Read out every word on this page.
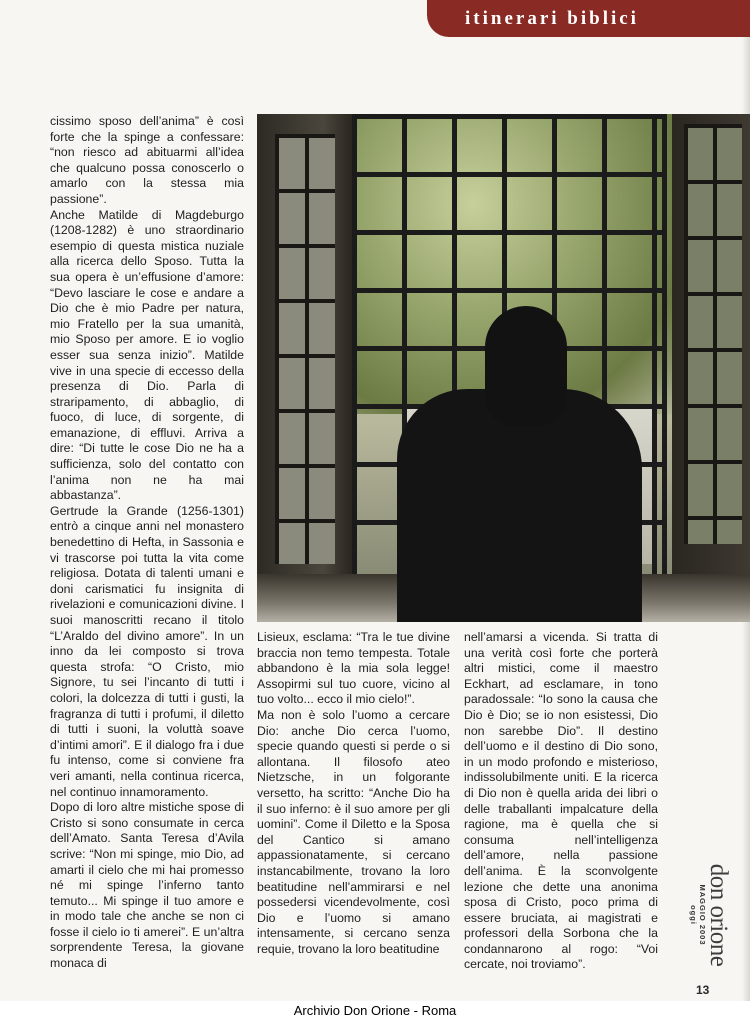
itinerari biblici

cissimo sposo dell’anima” è così forte che la spinge a confessare: “non riesco ad abituarmi all’idea che qualcuno possa conoscerlo o amarlo con la stessa mia passione”.

Anche Matilde di Magdeburgo (1208-1282) è uno straordinario esempio di questa mistica nuziale alla ricerca dello Sposo. Tutta la sua opera è un’effusione d’amore: “Devo lasciare le cose e andare a Dio che è mio Padre per natura, mio Fratello per la sua umanità, mio Sposo per amore. E io voglio esser sua senza inizio”. Matilde vive in una specie di eccesso della presenza di Dio. Parla di straripamento, di abbaglio, di fuoco, di luce, di sorgente, di emanazione, di effluvi. Arriva a dire: “Di tutte le cose Dio ne ha a sufficienza, solo del contatto con l’anima non ne ha mai abbastanza”.

Gertrude la Grande (1256-1301) entrò a cinque anni nel monastero benedettino di Hefta, in Sassonia e vi trascorse poi tutta la vita come religiosa. Dotata di talenti umani e doni carismatici fu insignita di rivelazioni e comunicazioni divine. I suoi manoscritti recano il titolo “L’Araldo del divino amore”. In un inno da lei composto si trova questa strofa: “O Cristo, mio Signore, tu sei l’incanto di tutti i colori, la dolcezza di tutti i gusti, la fragranza di tutti i profumi, il diletto di tutti i suoni, la voluttà soave d’intimi amori”. E il dialogo fra i due fu intenso, come si conviene fra veri amanti, nella continua ricerca, nel continuo innamoramento.

Dopo di loro altre mistiche spose di Cristo si sono consumate in cerca dell’Amato. Santa Teresa d’Avila scrive: “Non mi spinge, mio Dio, ad amarti il cielo che mi hai promesso né mi spinge l’inferno tanto temuto... Mi spinge il tuo amore e in modo tale che anche se non ci fosse il cielo io ti amerei”. E un’altra sorprendente Teresa, la giovane monaca di

Lisieux, esclama: “Tra le tue divine braccia non temo tempesta. Totale abbandono è la mia sola legge! Assopirmi sul tuo cuore, vicino al tuo volto... ecco il mio cielo!”.

Ma non è solo l’uomo a cercare Dio: anche Dio cerca l’uomo, specie quando questi si perde o si allontana. Il filosofo ateo Nietzsche, in un folgorante versetto, ha scritto: “Anche Dio ha il suo inferno: è il suo amore per gli uomini”. Come il Diletto e la Sposa del Cantico si amano appassionatamente, si cercano instancabilmente, trovano la loro beatitudine nell’ammirarsi e nel possedersi vicendevolmente, così Dio e l’uomo si amano intensamente, si cercano senza requie, trovano la loro beatitudine

nell’amarsi a vicenda. Si tratta di una verità così forte che porterà altri mistici, come il maestro Eckhart, ad esclamare, in tono paradossale: “Io sono la causa che Dio è Dio; se io non esistessi, Dio non sarebbe Dio”. Il destino dell’uomo e il destino di Dio sono, in un modo profondo e misterioso, indissolubilmente uniti. E la ricerca di Dio non è quella arida dei libri o delle traballanti impalcature della ragione, ma è quella che si consuma nell’intelligenza dell’amore, nella passione dell’anima. È la sconvolgente lezione che dette una anonima sposa di Cristo, poco prima di essere bruciata, ai magistrati e professori della Sorbona che la condannarono al rogo: “Voi cercate, noi troviamo”.	don orione
MAGGIO 2003
oggi
13
Archivio Don Orione - Roma
